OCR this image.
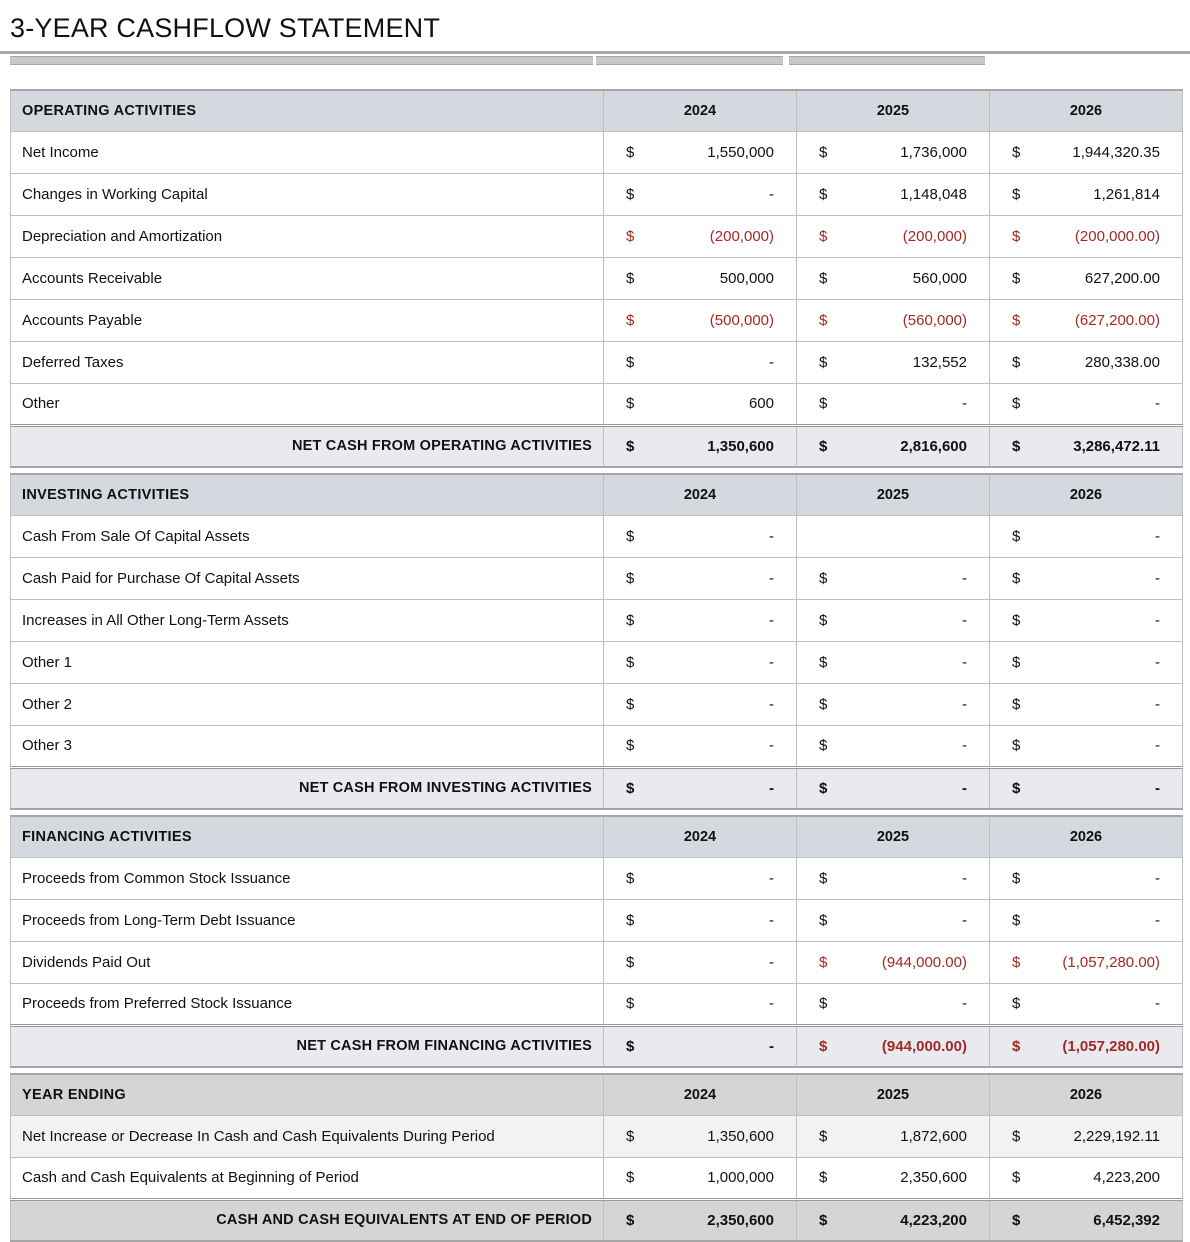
3-YEAR CASHFLOW STATEMENT
OPERATING ACTIVITIES	2024	2025	2026
Net Income	$ 1,550,000	$ 1,736,000	$ 1,944,320.35

Changes in Working Capital	$ -	$ 1,148,048	$ 1,261,814

Depreciation and Amortization	$ (200,000)	$ (200,000)	$ (200,000.00)

Accounts Receivable	$ 500,000	$ 560,000	$ 627,200.00

Accounts Payable	$ (500,000)	$ (560,000)	$ (627,200.00)

Deferred Taxes	$ -	$ 132,552	$ 280,338.00

Other	$ 600	$ -	$ -

NET CASH FROM OPERATING ACTIVITIES	$ 1,350,600	$ 2,816,600	$ 3,286,472.11

INVESTING ACTIVITIES	2024	2025	2026
Cash From Sale Of Capital Assets	$ -		$ -

Cash Paid for Purchase Of Capital Assets	$ -	$ -	$ -

Increases in All Other Long-Term Assets	$ -	$ -	$ -

Other 1	$ -	$ -	$ -

Other 2	$ -	$ -	$ -

Other 3	$ -	$ -	$ -

NET CASH FROM INVESTING ACTIVITIES	$ -	$ -	$ -

FINANCING ACTIVITIES	2024	2025	2026
Proceeds from Common Stock Issuance	$ -	$ -	$ -

Proceeds from Long-Term Debt Issuance	$ -	$ -	$ -

Dividends Paid Out	$ -	$ (944,000.00)	$ (1,057,280.00)

Proceeds from Preferred Stock Issuance	$ -	$ -	$ -

NET CASH FROM FINANCING ACTIVITIES	$ -	$ (944,000.00)	$ (1,057,280.00)

YEAR ENDING	2024	2025	2026
Net Increase or Decrease In Cash and Cash Equivalents During Period	$ 1,350,600	$ 1,872,600	$ 2,229,192.11

Cash and Cash Equivalents at Beginning of Period	$ 1,000,000	$ 2,350,600	$ 4,223,200

CASH AND CASH EQUIVALENTS AT END OF PERIOD	$ 2,350,600	$ 4,223,200	$ 6,452,392
